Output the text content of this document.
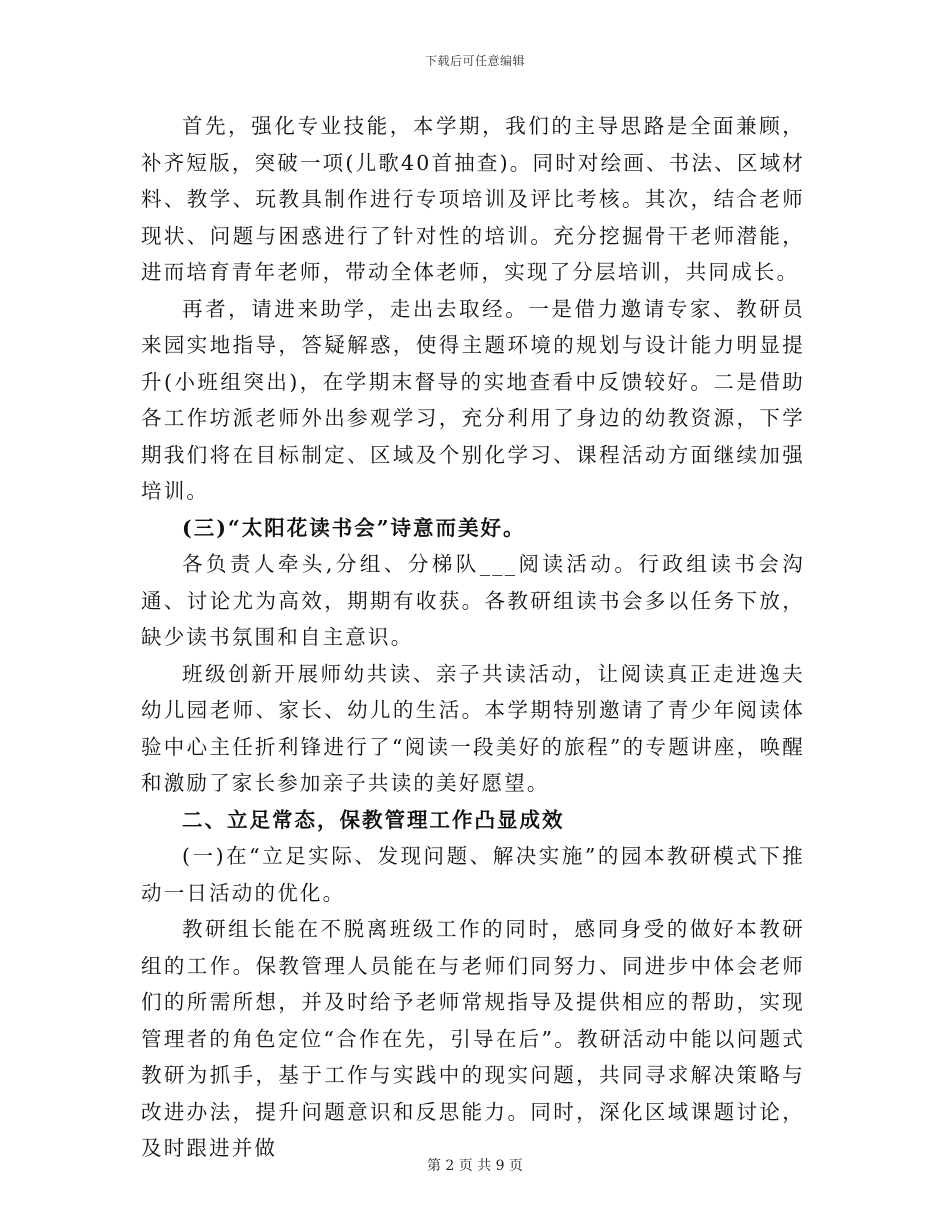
下载后可任意编辑

首先，强化专业技能，本学期，我们的主导思路是全面兼顾，补齐短版，突破一项(儿歌40首抽查)。同时对绘画、书法、区域材料、教学、玩教具制作进行专项培训及评比考核。其次，结合老师现状、问题与困惑进行了针对性的培训。充分挖掘骨干老师潜能，进而培育青年老师，带动全体老师，实现了分层培训，共同成长。

再者，请进来助学，走出去取经。一是借力邀请专家、教研员来园实地指导，答疑解惑，使得主题环境的规划与设计能力明显提升(小班组突出)，在学期末督导的实地查看中反馈较好。二是借助各工作坊派老师外出参观学习，充分利用了身边的幼教资源，下学期我们将在目标制定、区域及个别化学习、课程活动方面继续加强培训。

(三)“太阳花读书会”诗意而美好。

各负责人牵头,分组、分梯队___阅读活动。行政组读书会沟通、讨论尤为高效，期期有收获。各教研组读书会多以任务下放，缺少读书氛围和自主意识。

班级创新开展师幼共读、亲子共读活动，让阅读真正走进逸夫幼儿园老师、家长、幼儿的生活。本学期特别邀请了青少年阅读体验中心主任折利锋进行了“阅读一段美好的旅程”的专题讲座，唤醒和激励了家长参加亲子共读的美好愿望。

二、立足常态，保教管理工作凸显成效

(一)在“立足实际、发现问题、解决实施”的园本教研模式下推动一日活动的优化。

教研组长能在不脱离班级工作的同时，感同身受的做好本教研组的工作。保教管理人员能在与老师们同努力、同进步中体会老师们的所需所想，并及时给予老师常规指导及提供相应的帮助，实现管理者的角色定位“合作在先，引导在后”。教研活动中能以问题式教研为抓手，基于工作与实践中的现实问题，共同寻求解决策略与改进办法，提升问题意识和反思能力。同时，深化区域课题讨论，及时跟进并做

第 2 页 共 9 页
